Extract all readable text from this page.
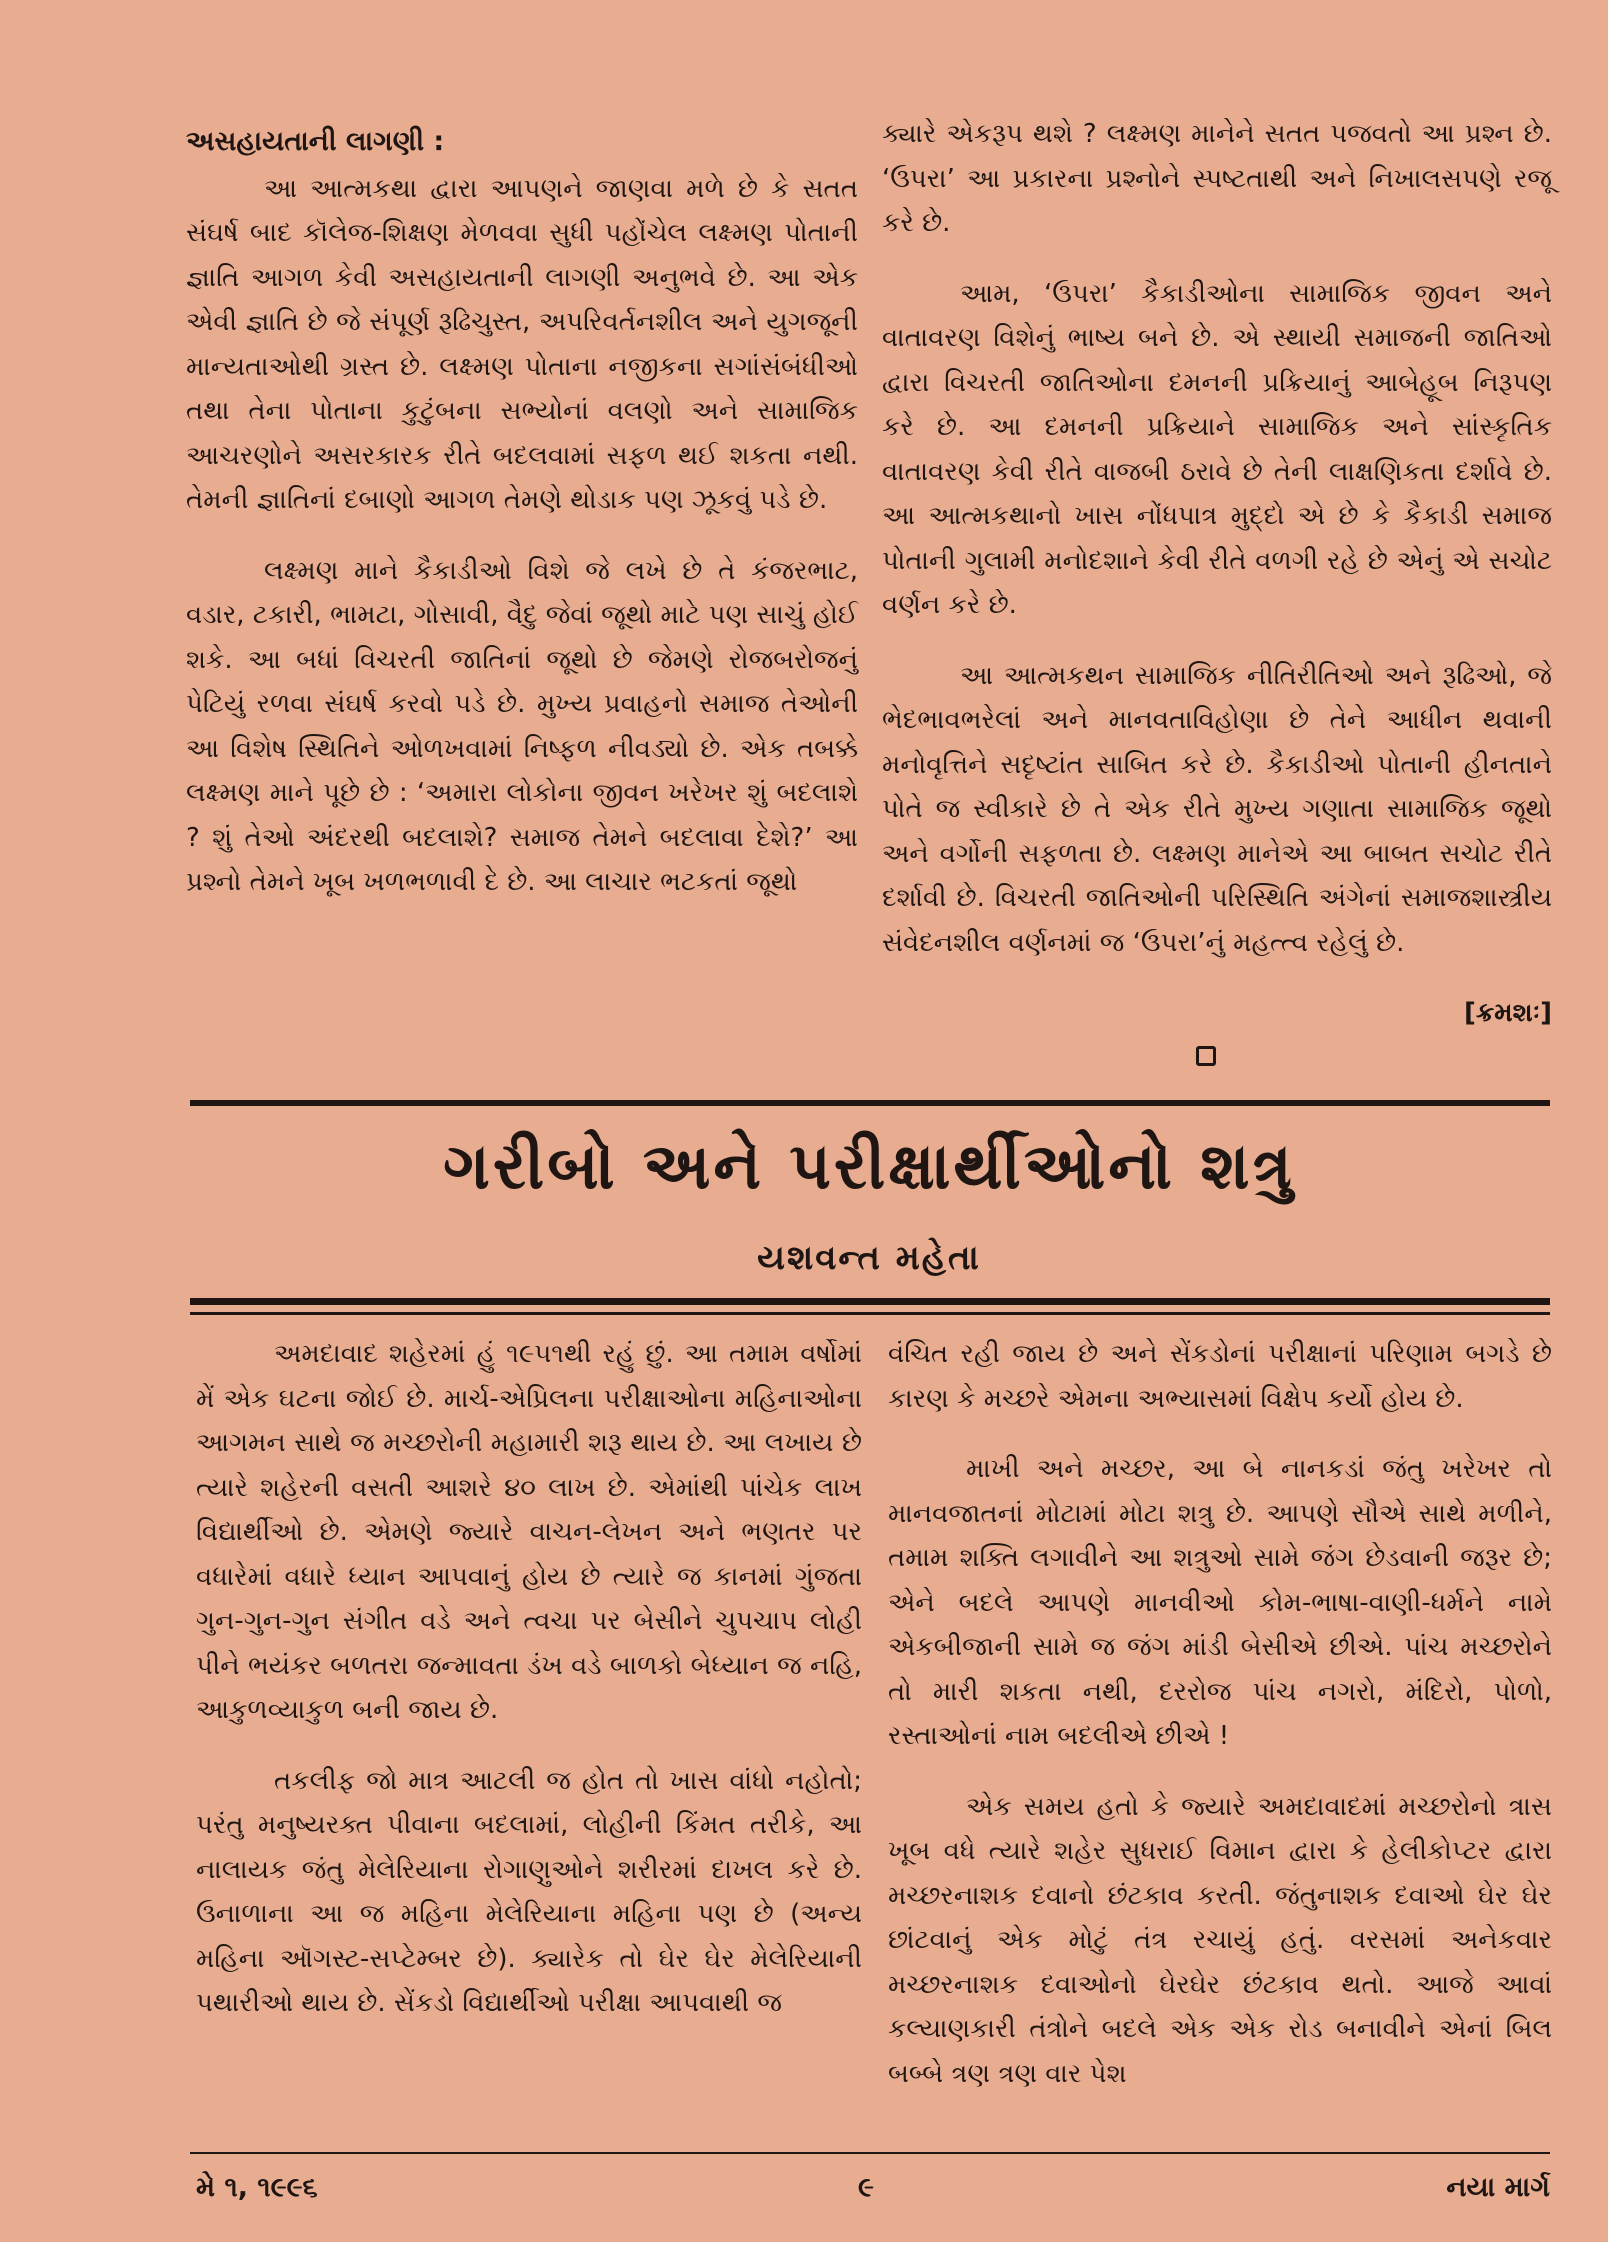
અસહાયતાની લાગણી :

આ આત્મકથા દ્વારા આપણને જાણવા મળે છે કે સતત સંઘર્ષ બાદ કૉલેજ-શિક્ષણ મેળવવા સુધી પહોંચેલ લક્ષ્મણ પોતાની જ્ઞાતિ આગળ કેવી અસહાયતાની લાગણી અનુભવે છે. આ એક એવી જ્ઞાતિ છે જે સંપૂર્ણ રૂઢિચુસ્ત, અપરિવર્તનશીલ અને યુગજૂની માન્યતાઓથી ગ્રસ્ત છે. લક્ષ્મણ પોતાના નજીકના સગાંસંબંધીઓ તથા તેના પોતાના કુટુંબના સભ્યોનાં વલણો અને સામાજિક આચરણોને અસરકારક રીતે બદલવામાં સફળ થઈ શકતા નથી. તેમની જ્ઞાતિનાં દબાણો આગળ તેમણે થોડાક પણ ઝૂકવું પડે છે.

લક્ષ્મણ માને કૈકાડીઓ વિશે જે લખે છે તે કંજરભાટ, વડાર, ટકારી, ભામટા, ગોસાવી, વૈદુ જેવાં જૂથો માટે પણ સાચું હોઈ શકે. આ બધાં વિચરતી જાતિનાં જૂથો છે જેમણે રોજબરોજનું પેટિયું રળવા સંઘર્ષ કરવો પડે છે. મુખ્ય પ્રવાહનો સમાજ તેઓની આ વિશેષ સ્થિતિને ઓળખવામાં નિષ્ફળ નીવડ્યો છે. એક તબક્કે લક્ષ્મણ માને પૂછે છે : ‘અમારા લોકોના જીવન ખરેખર શું બદલાશે ? શું તેઓ અંદરથી બદલાશે? સમાજ તેમને બદલાવા દેશે?’ આ પ્રશ્નો તેમને ખૂબ ખળભળાવી દે છે. આ લાચાર ભટકતાં જૂથો

ક્યારે એકરૂપ થશે ? લક્ષ્મણ માનેને સતત પજવતો આ પ્રશ્ન છે. ‘ઉપરા’ આ પ્રકારના પ્રશ્નોને સ્પષ્ટતાથી અને નિખાલસપણે રજૂ કરે છે.

આમ, ‘ઉપરા’ કૈકાડીઓના સામાજિક જીવન અને વાતાવરણ વિશેનું ભાષ્ય બને છે. એ સ્થાયી સમાજની જાતિઓ દ્વારા વિચરતી જાતિઓના દમનની પ્રક્રિયાનું આબેહૂબ નિરૂપણ કરે છે. આ દમનની પ્રક્રિયાને સામાજિક અને સાંસ્કૃતિક વાતાવરણ કેવી રીતે વાજબી ઠરાવે છે તેની લાક્ષણિકતા દર્શાવે છે. આ આત્મકથાનો ખાસ નોંધપાત્ર મુદ્દો એ છે કે કૈકાડી સમાજ પોતાની ગુલામી મનોદશાને કેવી રીતે વળગી રહે છે એનું એ સચોટ વર્ણન કરે છે.

આ આત્મકથન સામાજિક નીતિરીતિઓ અને રૂઢિઓ, જે ભેદભાવભરેલાં અને માનવતાવિહોણા છે તેને આધીન થવાની મનોવૃત્તિને સદૃષ્ટાંત સાબિત કરે છે. કૈકાડીઓ પોતાની હીનતાને પોતે જ સ્વીકારે છે તે એક રીતે મુખ્ય ગણાતા સામાજિક જૂથો અને વર્ગોની સફળતા છે. લક્ષ્મણ માનેએ આ બાબત સચોટ રીતે દર્શાવી છે. વિચરતી જાતિઓની પરિસ્થિતિ અંગેનાં સમાજશાસ્ત્રીય સંવેદનશીલ વર્ણનમાં જ ‘ઉપરા’નું મહત્ત્વ રહેલું છે.

[ક્રમશઃ]

ગરીબો અને પરીક્ષાર્થીઓનો શત્રુ
યશવન્ત મહેતા

અમદાવાદ શહેરમાં હું ૧૯૫૧થી રહું છું. આ તમામ વર્ષોમાં મેં એક ઘટના જોઈ છે. માર્ચ-એપ્રિલના પરીક્ષાઓના મહિનાઓના આગમન સાથે જ મચ્છરોની મહામારી શરૂ થાય છે. આ લખાય છે ત્યારે શહેરની વસતી આશરે ૪૦ લાખ છે. એમાંથી પાંચેક લાખ વિદ્યાર્થીઓ છે. એમણે જ્યારે વાચન-લેખન અને ભણતર પર વધારેમાં વધારે ધ્યાન આપવાનું હોય છે ત્યારે જ કાનમાં ગુંજતા ગુન-ગુન-ગુન સંગીત વડે અને ત્વચા પર બેસીને ચુપચાપ લોહી પીને ભયંકર બળતરા જન્માવતા ડંખ વડે બાળકો બેધ્યાન જ નહિ, આકુળવ્યાકુળ બની જાય છે.

તકલીફ જો માત્ર આટલી જ હોત તો ખાસ વાંધો નહોતો; પરંતુ મનુષ્યરક્ત પીવાના બદલામાં, લોહીની કિંમત તરીકે, આ નાલાયક જંતુ મેલેરિયાના રોગાણુઓને શરીરમાં દાખલ કરે છે. ઉનાળાના આ જ મહિના મેલેરિયાના મહિના પણ છે (અન્ય મહિના ઑગસ્ટ-સપ્ટેમ્બર છે). ક્યારેક તો ઘેર ઘેર મેલેરિયાની પથારીઓ થાય છે. સેંકડો વિદ્યાર્થીઓ પરીક્ષા આપવાથી જ

વંચિત રહી જાય છે અને સેંકડોનાં પરીક્ષાનાં પરિણામ બગડે છે કારણ કે મચ્છરે એમના અભ્યાસમાં વિક્ષેપ કર્યો હોય છે.

માખી અને મચ્છર, આ બે નાનકડાં જંતુ ખરેખર તો માનવજાતનાં મોટામાં મોટા શત્રુ છે. આપણે સૌએ સાથે મળીને, તમામ શક્તિ લગાવીને આ શત્રુઓ સામે જંગ છેડવાની જરૂર છે; એને બદલે આપણે માનવીઓ કોમ-ભાષા-વાણી-ધર્મને નામે એકબીજાની સામે જ જંગ માંડી બેસીએ છીએ. પાંચ મચ્છરોને તો મારી શકતા નથી, દરરોજ પાંચ નગરો, મંદિરો, પોળો, રસ્તાઓનાં નામ બદલીએ છીએ !

એક સમય હતો કે જ્યારે અમદાવાદમાં મચ્છરોનો ત્રાસ ખૂબ વધે ત્યારે શહેર સુધરાઈ વિમાન દ્વારા કે હેલીકોપ્ટર દ્વારા મચ્છરનાશક દવાનો છંટકાવ કરતી. જંતુનાશક દવાઓ ઘેર ઘેર છાંટવાનું એક મોટું તંત્ર રચાયું હતું. વરસમાં અનેકવાર મચ્છરનાશક દવાઓનો ઘેરઘેર છંટકાવ થતો. આજે આવાં કલ્યાણકારી તંત્રોને બદલે એક એક રોડ બનાવીને એનાં બિલ બબ્બે ત્રણ ત્રણ વાર પેશ

મે ૧, ૧૯૯૬	૯	નયા માર્ગ
